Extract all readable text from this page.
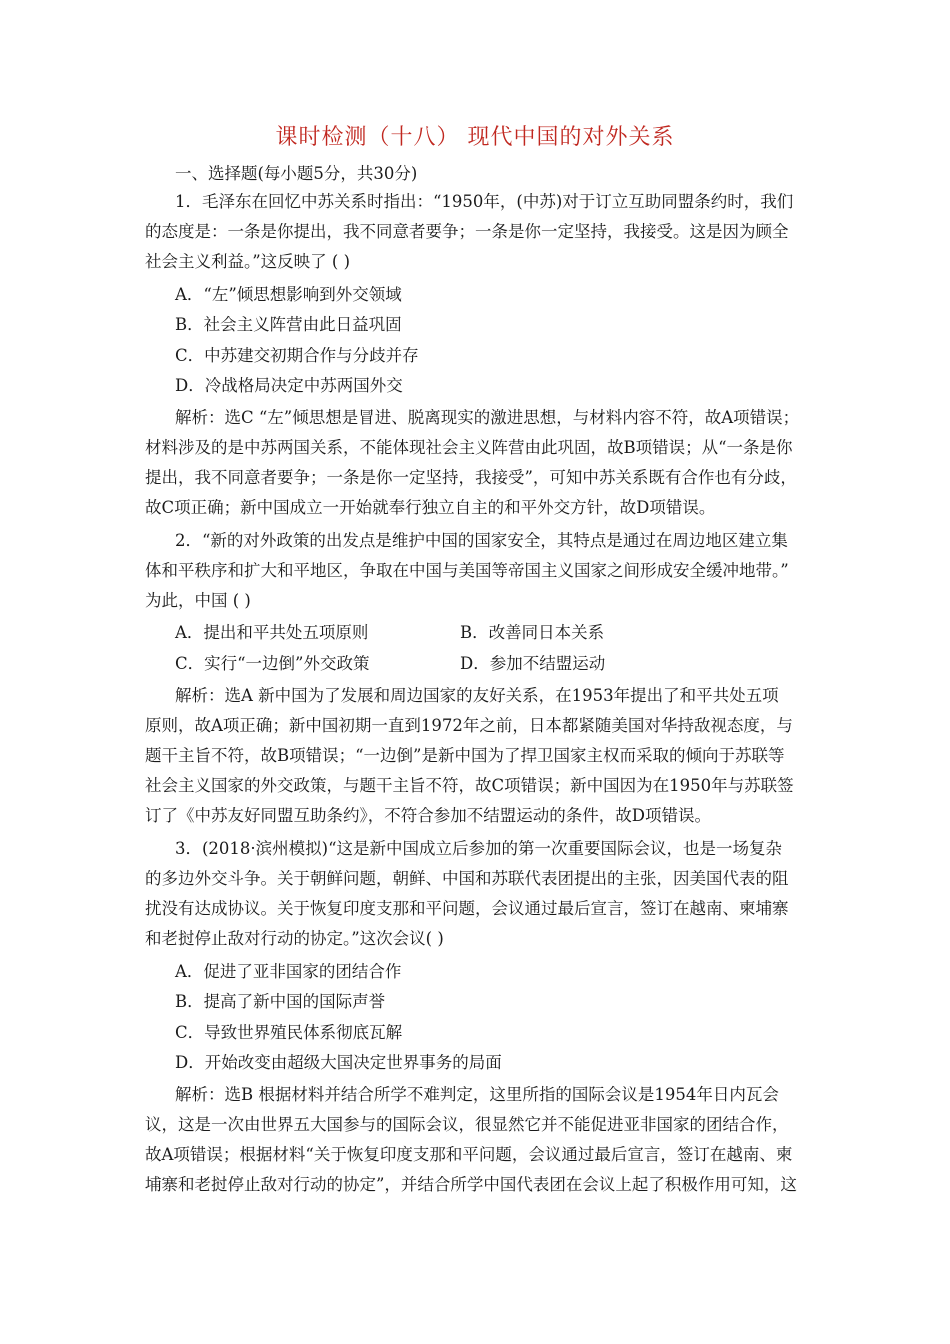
课时检测（十八） 现代中国的对外关系
一、选择题(每小题5分，共30分)
1．毛泽东在回忆中苏关系时指出：“1950年，(中苏)对于订立互助同盟条约时，我们
的态度是：一条是你提出，我不同意者要争；一条是你一定坚持，我接受。这是因为顾全
社会主义利益。”这反映了 ( )
A．“左”倾思想影响到外交领域
B．社会主义阵营由此日益巩固
C．中苏建交初期合作与分歧并存
D．冷战格局决定中苏两国外交
解析：选C “左”倾思想是冒进、脱离现实的激进思想，与材料内容不符，故A项错误；
材料涉及的是中苏两国关系，不能体现社会主义阵营由此巩固，故B项错误；从“一条是你
提出，我不同意者要争；一条是你一定坚持，我接受”，可知中苏关系既有合作也有分歧，
故C项正确；新中国成立一开始就奉行独立自主的和平外交方针，故D项错误。
2．“新的对外政策的出发点是维护中国的国家安全，其特点是通过在周边地区建立集
体和平秩序和扩大和平地区，争取在中国与美国等帝国主义国家之间形成安全缓冲地带。”
为此，中国 ( )
A．提出和平共处五项原则	B．改善同日本关系
C．实行“一边倒”外交政策	D．参加不结盟运动
解析：选A 新中国为了发展和周边国家的友好关系，在1953年提出了和平共处五项
原则，故A项正确；新中国初期一直到1972年之前，日本都紧随美国对华持敌视态度，与
题干主旨不符，故B项错误；“一边倒”是新中国为了捍卫国家主权而采取的倾向于苏联等
社会主义国家的外交政策，与题干主旨不符，故C项错误；新中国因为在1950年与苏联签
订了《中苏友好同盟互助条约》，不符合参加不结盟运动的条件，故D项错误。
3．(2018·滨州模拟)“这是新中国成立后参加的第一次重要国际会议，也是一场复杂
的多边外交斗争。关于朝鲜问题，朝鲜、中国和苏联代表团提出的主张，因美国代表的阻
扰没有达成协议。关于恢复印度支那和平问题，会议通过最后宣言，签订在越南、柬埔寨
和老挝停止敌对行动的协定。”这次会议( )
A．促进了亚非国家的团结合作
B．提高了新中国的国际声誉
C．导致世界殖民体系彻底瓦解
D．开始改变由超级大国决定世界事务的局面
解析：选B 根据材料并结合所学不难判定，这里所指的国际会议是1954年日内瓦会
议，这是一次由世界五大国参与的国际会议，很显然它并不能促进亚非国家的团结合作，
故A项错误；根据材料“关于恢复印度支那和平问题，会议通过最后宣言，签订在越南、柬
埔寨和老挝停止敌对行动的协定”，并结合所学中国代表团在会议上起了积极作用可知，这
